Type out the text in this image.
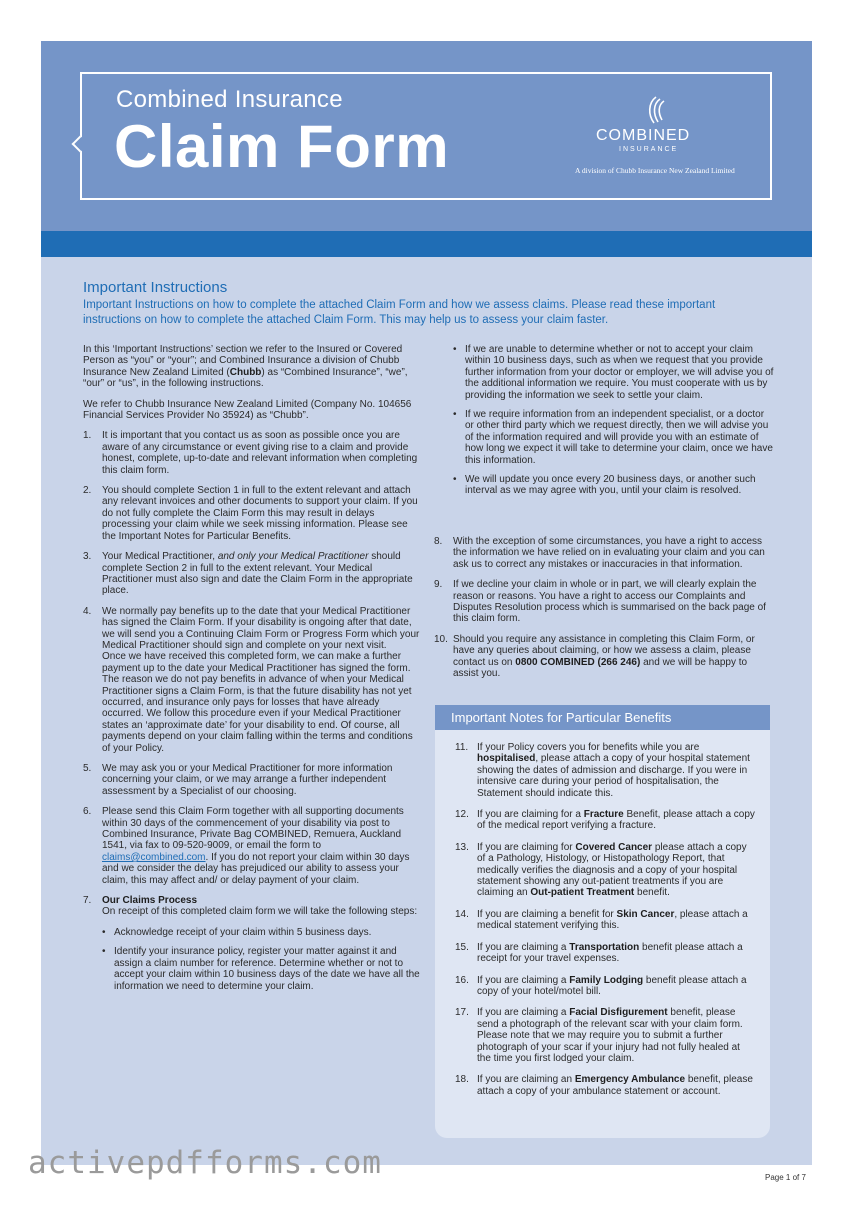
Combined Insurance
Claim Form	COMBINED
INSURANCE
A division of Chubb Insurance New Zealand Limited
Important Instructions
Important Instructions on how to complete the attached Claim Form and how we assess claims. Please read these important instructions on how to complete the attached Claim Form. This may help us to assess your claim faster.

In this ‘Important Instructions’ section we refer to the Insured or Covered Person as “you” or “your”; and Combined Insurance a division of Chubb Insurance New Zealand Limited (Chubb) as “Combined Insurance”, “we”, “our” or “us”, in the following instructions.

We refer to Chubb Insurance New Zealand Limited (Company No. 104656 Financial Services Provider No 35924) as “Chubb”.

1. It is important that you contact us as soon as possible once you are aware of any circumstance or event giving rise to a claim and provide honest, complete, up-to-date and relevant information when completing this claim form.
2. You should complete Section 1 in full to the extent relevant and attach any relevant invoices and other documents to support your claim. If you do not fully complete the Claim Form this may result in delays processing your claim while we seek missing information. Please see the Important Notes for Particular Benefits.
3. Your Medical Practitioner, and only your Medical Practitioner should complete Section 2 in full to the extent relevant. Your Medical Practitioner must also sign and date the Claim Form in the appropriate place.
4. We normally pay benefits up to the date that your Medical Practitioner has signed the Claim Form. If your disability is ongoing after that date, we will send you a Continuing Claim Form or Progress Form which your Medical Practitioner should sign and complete on your next visit.

Once we have received this completed form, we can make a further payment up to the date your Medical Practitioner has signed the form. The reason we do not pay benefits in advance of when your Medical Practitioner signs a Claim Form, is that the future disability has not yet occurred, and insurance only pays for losses that have already occurred. We follow this procedure even if your Medical Practitioner states an ‘approximate date’ for your disability to end. Of course, all payments depend on your claim falling within the terms and conditions of your Policy.

5. We may ask you or your Medical Practitioner for more information concerning your claim, or we may arrange a further independent assessment by a Specialist of our choosing.
6. Please send this Claim Form together with all supporting documents within 30 days of the commencement of your disability via post to Combined Insurance, Private Bag COMBINED, Remuera, Auckland 1541, via fax to 09-520-9009, or email the form to claims@combined.com. If you do not report your claim within 30 days and we consider the delay has prejudiced our ability to assess your claim, this may affect and/ or delay payment of your claim.
7. Our Claims Process

On receipt of this completed claim form we will take the following steps:

• Acknowledge receipt of your claim within 5 business days.
• Identify your insurance policy, register your matter against it and assign a claim number for reference. Determine whether or not to accept your claim within 10 business days of the date we have all the information we need to determine your claim.
• If we are unable to determine whether or not to accept your claim within 10 business days, such as when we request that you provide further information from your doctor or employer, we will advise you of the additional information we require. You must cooperate with us by providing the information we seek to settle your claim.
• If we require information from an independent specialist, or a doctor or other third party which we request directly, then we will advise you of the information required and will provide you with an estimate of how long we expect it will take to determine your claim, once we have this information.
• We will update you once every 20 business days, or another such interval as we may agree with you, until your claim is resolved.
8. With the exception of some circumstances, you have a right to access the information we have relied on in evaluating your claim and you can ask us to correct any mistakes or inaccuracies in that information.
9. If we decline your claim in whole or in part, we will clearly explain the reason or reasons. You have a right to access our Complaints and Disputes Resolution process which is summarised on the back page of this claim form.
10. Should you require any assistance in completing this Claim Form, or have any queries about claiming, or how we assess a claim, please contact us on 0800 COMBINED (266 246) and we will be happy to assist you.
Important Notes for Particular Benefits
11. If your Policy covers you for benefits while you are hospitalised, please attach a copy of your hospital statement showing the dates of admission and discharge. If you were in intensive care during your period of hospitalisation, the Statement should indicate this.
12. If you are claiming for a Fracture Benefit, please attach a copy of the medical report verifying a fracture.
13. If you are claiming for Covered Cancer please attach a copy of a Pathology, Histology, or Histopathology Report, that medically verifies the diagnosis and a copy of your hospital statement showing any out-patient treatments if you are claiming an Out-patient Treatment benefit.
14. If you are claiming a benefit for Skin Cancer, please attach a medical statement verifying this.
15. If you are claiming a Transportation benefit please attach a receipt for your travel expenses.
16. If you are claiming a Family Lodging benefit please attach a copy of your hotel/motel bill.
17. If you are claiming a Facial Disfigurement benefit, please send a photograph of the relevant scar with your claim form. Please note that we may require you to submit a further photograph of your scar if your injury had not fully healed at the time you first lodged your claim.
18. If you are claiming an Emergency Ambulance benefit, please attach a copy of your ambulance statement or account.
activepdfforms.com	Page 1 of 7
